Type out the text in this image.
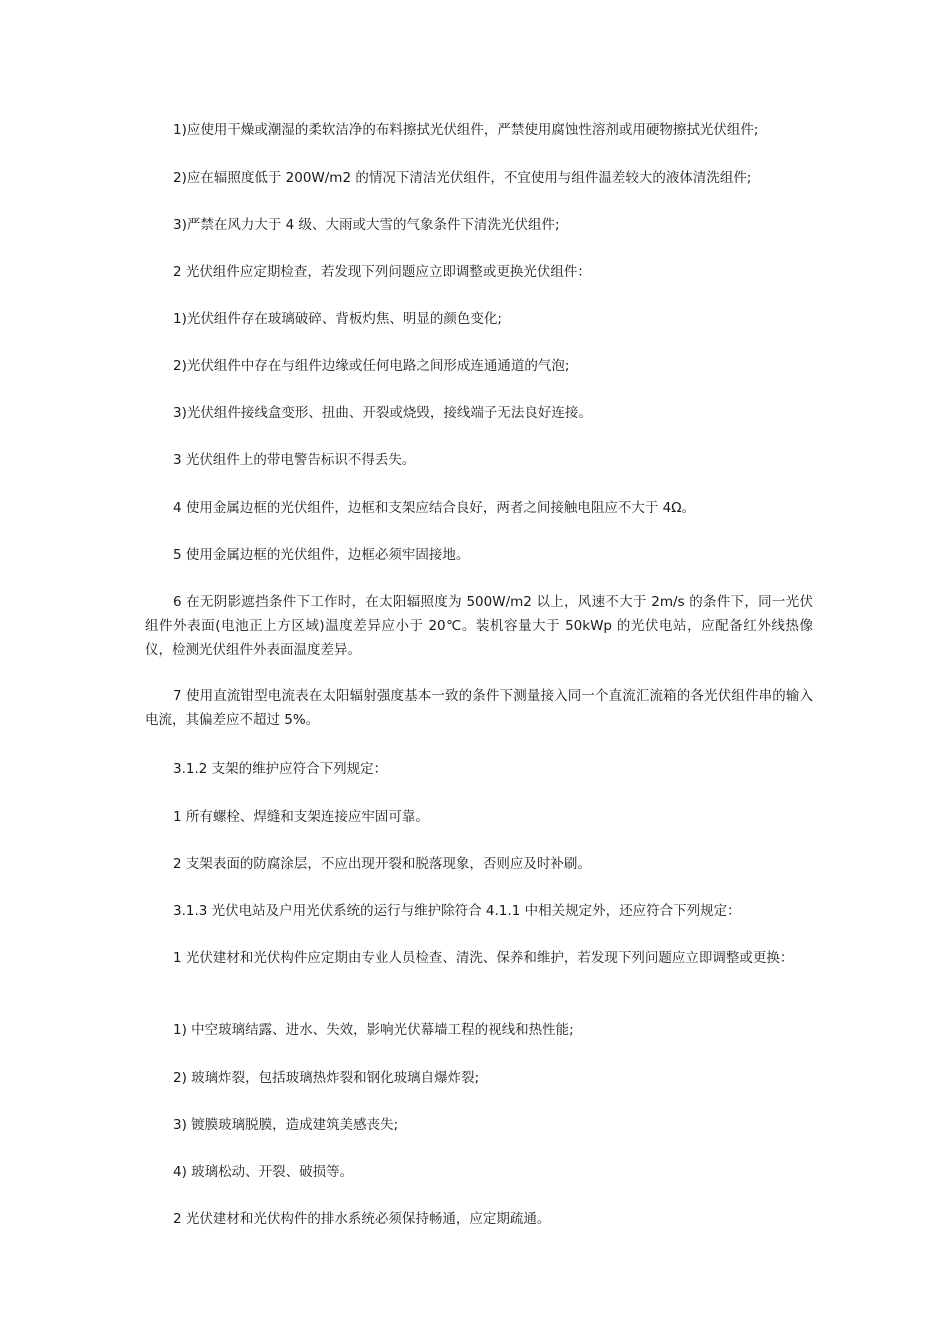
1)应使用干燥或潮湿的柔软洁净的布料擦拭光伏组件，严禁使用腐蚀性溶剂或用硬物擦拭光伏组件;

2)应在辐照度低于 200W/m2 的情况下清洁光伏组件，不宜使用与组件温差较大的液体清洗组件;

3)严禁在风力大于 4 级、大雨或大雪的气象条件下清洗光伏组件;

2 光伏组件应定期检查，若发现下列问题应立即调整或更换光伏组件：

1)光伏组件存在玻璃破碎、背板灼焦、明显的颜色变化;

2)光伏组件中存在与组件边缘或任何电路之间形成连通通道的气泡;

3)光伏组件接线盒变形、扭曲、开裂或烧毁，接线端子无法良好连接。

3 光伏组件上的带电警告标识不得丢失。

4 使用金属边框的光伏组件，边框和支架应结合良好，两者之间接触电阻应不大于 4Ω。

5 使用金属边框的光伏组件，边框必须牢固接地。

6 在无阴影遮挡条件下工作时，在太阳辐照度为 500W/m2 以上，风速不大于 2m/s 的条件下，同一光伏组件外表面(电池正上方区域)温度差异应小于 20℃。装机容量大于 50kWp 的光伏电站，应配备红外线热像仪，检测光伏组件外表面温度差异。

7 使用直流钳型电流表在太阳辐射强度基本一致的条件下测量接入同一个直流汇流箱的各光伏组件串的输入电流，其偏差应不超过 5%。

3.1.2 支架的维护应符合下列规定：

1 所有螺栓、焊缝和支架连接应牢固可靠。

2 支架表面的防腐涂层，不应出现开裂和脱落现象，否则应及时补刷。

3.1.3 光伏电站及户用光伏系统的运行与维护除符合 4.1.1 中相关规定外，还应符合下列规定：

1 光伏建材和光伏构件应定期由专业人员检查、清洗、保养和维护，若发现下列问题应立即调整或更换：

1) 中空玻璃结露、进水、失效，影响光伏幕墙工程的视线和热性能;

2) 玻璃炸裂，包括玻璃热炸裂和钢化玻璃自爆炸裂;

3) 镀膜玻璃脱膜，造成建筑美感丧失;

4) 玻璃松动、开裂、破损等。

2 光伏建材和光伏构件的排水系统必须保持畅通，应定期疏通。
